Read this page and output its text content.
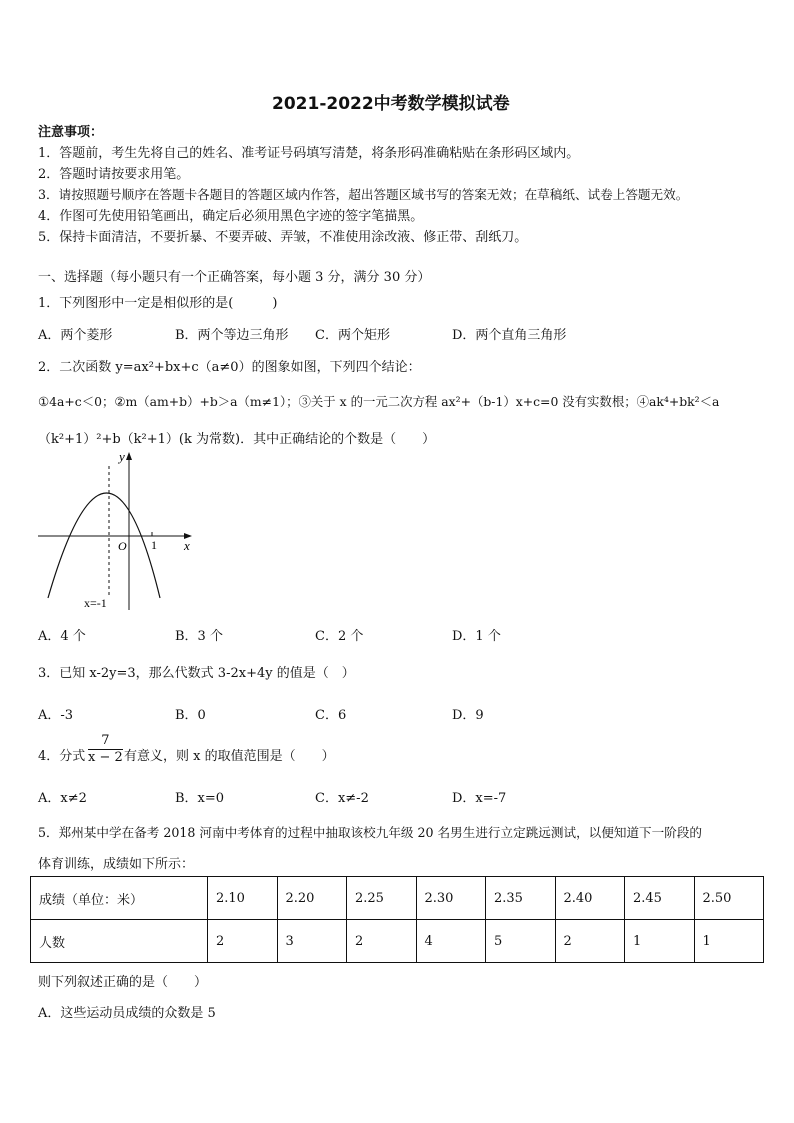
2021-2022中考数学模拟试卷
注意事项：
1．答题前，考生先将自己的姓名、准考证号码填写清楚，将条形码准确粘贴在条形码区域内。
2．答题时请按要求用笔。
3．请按照题号顺序在答题卡各题目的答题区域内作答，超出答题区域书写的答案无效；在草稿纸、试卷上答题无效。
4．作图可先使用铅笔画出，确定后必须用黑色字迹的签字笔描黑。
5．保持卡面清洁，不要折暴、不要弄破、弄皱，不准使用涂改液、修正带、刮纸刀。
一、选择题（每小题只有一个正确答案，每小题 3 分，满分 30 分）
1．下列图形中一定是相似形的是(　　　)
A．两个菱形	B．两个等边三角形 C．两个矩形	D．两个直角三角形
2．二次函数 y=ax²+bx+c（a≠0）的图象如图，下列四个结论：
①4a+c＜0；②m（am+b）+b＞a（m≠1）；③关于 x 的一元二次方程 ax²+（b-1）x+c=0 没有实数根；④ak⁴+bk²＜a
（k²+1）²+b（k²+1）(k 为常数)．其中正确结论的个数是（　　）
y
x
O 1
x=-1
A．4 个	B．3 个	C．2 个	D．1 个
3．已知 x-2y=3，那么代数式 3-2x+4y 的值是（　）
A．-3	B．0	C．6	D．9
4．分式 $\frac{7}{x - 2}$ 有意义，则 x 的取值范围是（　　）
A．x≠2	B．x=0	C．x≠-2	D．x=-7
5．郑州某中学在备考 2018 河南中考体育的过程中抽取该校九年级 20 名男生进行立定跳远测试，以便知道下一阶段的
体育训练，成绩如下所示：
成绩（单位：米）	2.10	2.20	2.25	2.30	2.35	2.40	2.45	2.50
人数	2	3	2	4	5	2	1	1
则下列叙述正确的是（　　）
A．这些运动员成绩的众数是 5
